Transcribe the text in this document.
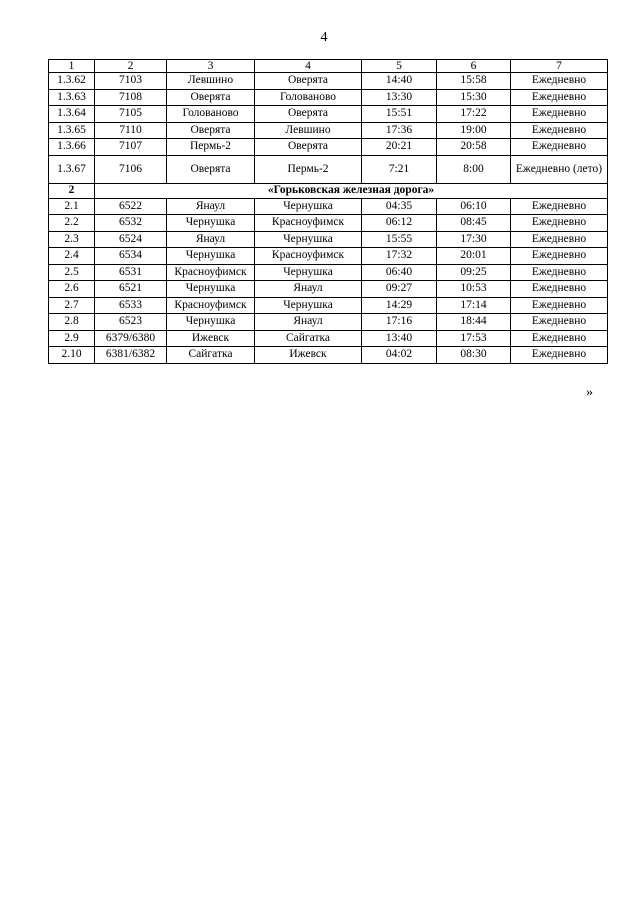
4
1	2	3	4	5	6	7
1.3.62	7103	Левшино	Оверята	14:40	15:58	Ежедневно
1.3.63	7108	Оверята	Голованово	13:30	15:30	Ежедневно
1.3.64	7105	Голованово	Оверята	15:51	17:22	Ежедневно
1.3.65	7110	Оверята	Левшино	17:36	19:00	Ежедневно
1.3.66	7107	Пермь-2	Оверята	20:21	20:58	Ежедневно
1.3.67	7106	Оверята	Пермь-2	7:21	8:00	Ежедневно (лето)
2	«Горьковская железная дорога»					
2.1	6522	Янаул	Чернушка	04:35	06:10	Ежедневно
2.2	6532	Чернушка	Красноуфимск	06:12	08:45	Ежедневно
2.3	6524	Янаул	Чернушка	15:55	17:30	Ежедневно
2.4	6534	Чернушка	Красноуфимск	17:32	20:01	Ежедневно
2.5	6531	Красноуфимск	Чернушка	06:40	09:25	Ежедневно
2.6	6521	Чернушка	Янаул	09:27	10:53	Ежедневно
2.7	6533	Красноуфимск	Чернушка	14:29	17:14	Ежедневно
2.8	6523	Чернушка	Янаул	17:16	18:44	Ежедневно
2.9	6379/6380	Ижевск	Сайгатка	13:40	17:53	Ежедневно
2.10	6381/6382	Сайгатка	Ижевск	04:02	08:30	Ежедневно
»
